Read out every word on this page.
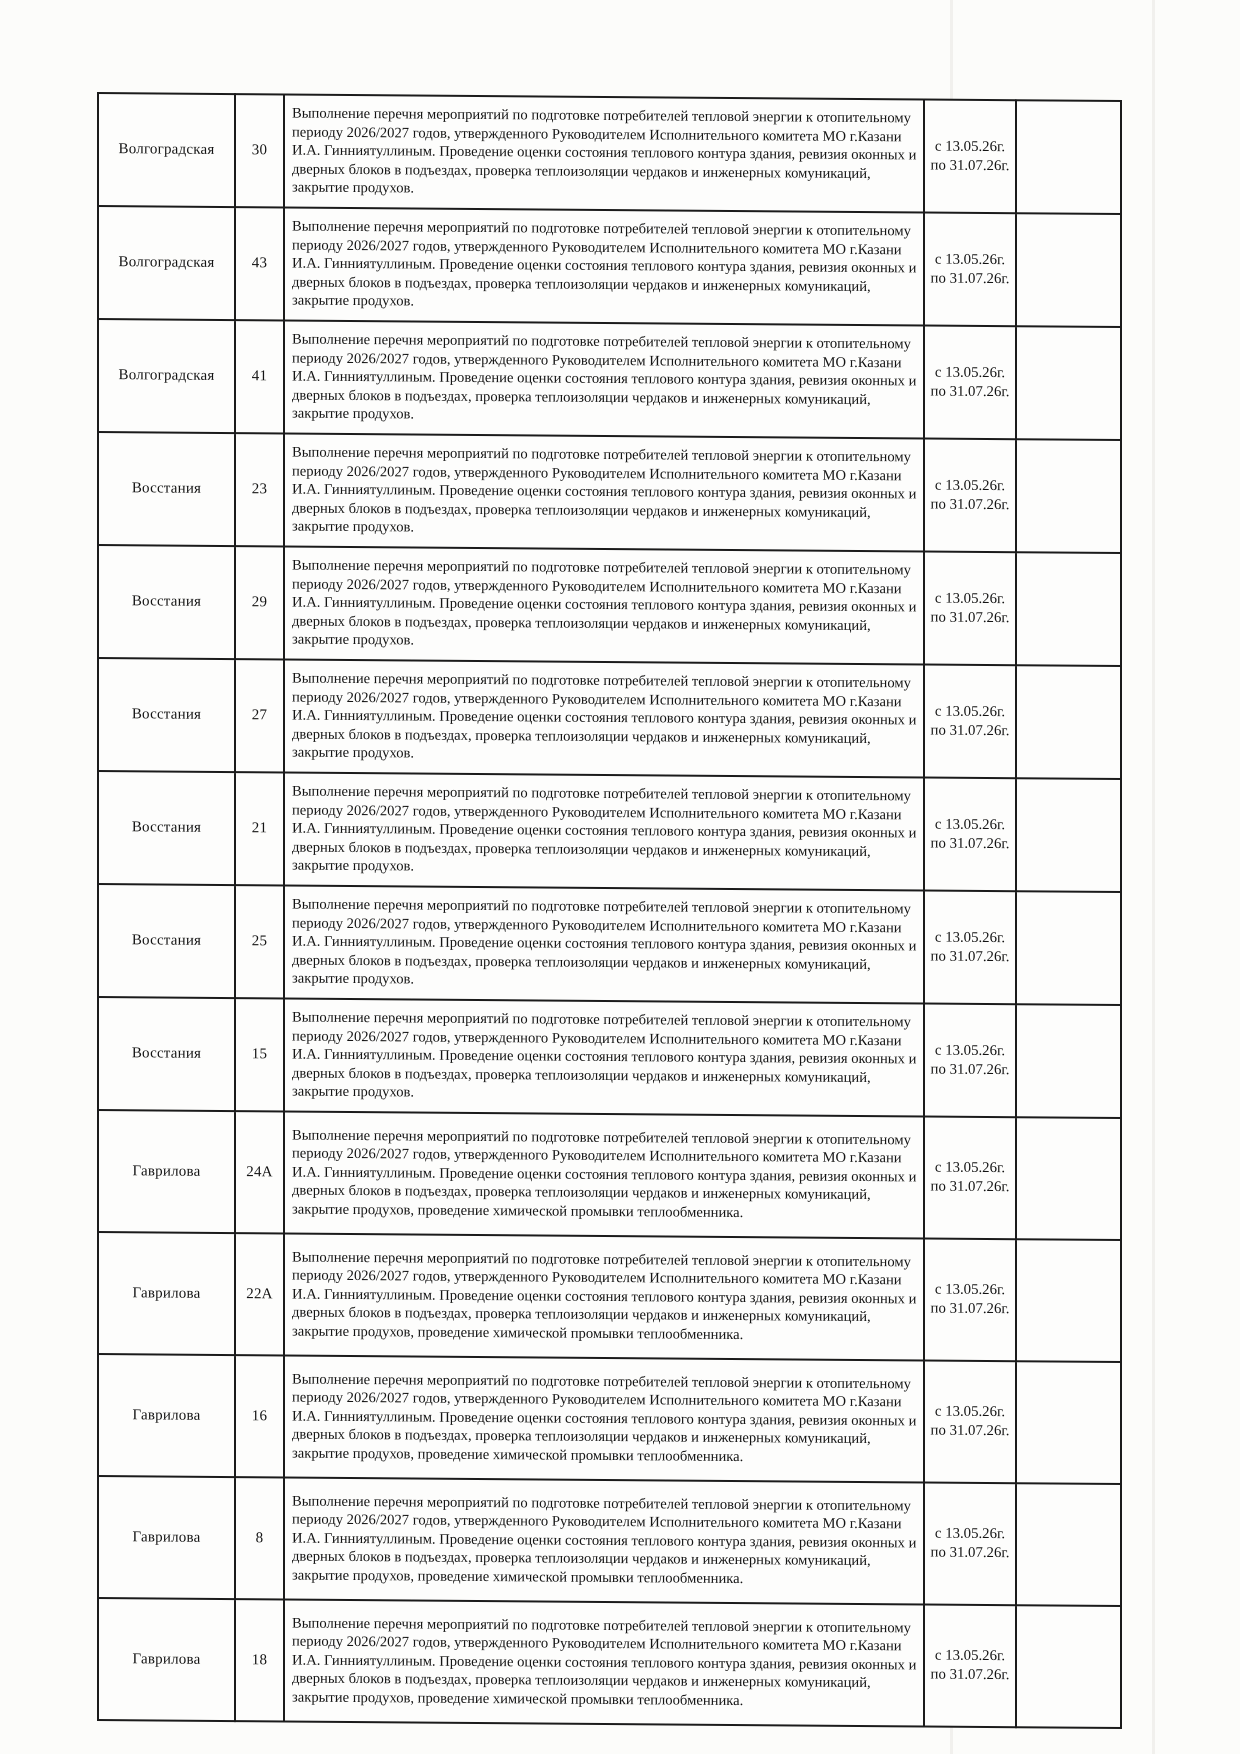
Волгоградская	30	Выполнение перечня мероприятий по подготовке потребителей тепловой энергии к отопительному периоду 2026/2027 годов, утвержденного Руководителем Исполнительного комитета МО г.Казани И.А. Гинниятуллиным. Проведение оценки состояния теплового контура здания, ревизия оконных и дверных блоков в подъездах, проверка теплоизоляции чердаков и инженерных комуникаций, закрытие продухов.	с 13.05.26г.
по 31.07.26г.	

Волгоградская	43	Выполнение перечня мероприятий по подготовке потребителей тепловой энергии к отопительному периоду 2026/2027 годов, утвержденного Руководителем Исполнительного комитета МО г.Казани И.А. Гинниятуллиным. Проведение оценки состояния теплового контура здания, ревизия оконных и дверных блоков в подъездах, проверка теплоизоляции чердаков и инженерных комуникаций, закрытие продухов.	с 13.05.26г.
по 31.07.26г.	

Волгоградская	41	Выполнение перечня мероприятий по подготовке потребителей тепловой энергии к отопительному периоду 2026/2027 годов, утвержденного Руководителем Исполнительного комитета МО г.Казани И.А. Гинниятуллиным. Проведение оценки состояния теплового контура здания, ревизия оконных и дверных блоков в подъездах, проверка теплоизоляции чердаков и инженерных комуникаций, закрытие продухов.	с 13.05.26г.
по 31.07.26г.	

Восстания	23	Выполнение перечня мероприятий по подготовке потребителей тепловой энергии к отопительному периоду 2026/2027 годов, утвержденного Руководителем Исполнительного комитета МО г.Казани И.А. Гинниятуллиным. Проведение оценки состояния теплового контура здания, ревизия оконных и дверных блоков в подъездах, проверка теплоизоляции чердаков и инженерных комуникаций, закрытие продухов.	с 13.05.26г.
по 31.07.26г.	

Восстания	29	Выполнение перечня мероприятий по подготовке потребителей тепловой энергии к отопительному периоду 2026/2027 годов, утвержденного Руководителем Исполнительного комитета МО г.Казани И.А. Гинниятуллиным. Проведение оценки состояния теплового контура здания, ревизия оконных и дверных блоков в подъездах, проверка теплоизоляции чердаков и инженерных комуникаций, закрытие продухов.	с 13.05.26г.
по 31.07.26г.	

Восстания	27	Выполнение перечня мероприятий по подготовке потребителей тепловой энергии к отопительному периоду 2026/2027 годов, утвержденного Руководителем Исполнительного комитета МО г.Казани И.А. Гинниятуллиным. Проведение оценки состояния теплового контура здания, ревизия оконных и дверных блоков в подъездах, проверка теплоизоляции чердаков и инженерных комуникаций, закрытие продухов.	с 13.05.26г.
по 31.07.26г.	

Восстания	21	Выполнение перечня мероприятий по подготовке потребителей тепловой энергии к отопительному периоду 2026/2027 годов, утвержденного Руководителем Исполнительного комитета МО г.Казани И.А. Гинниятуллиным. Проведение оценки состояния теплового контура здания, ревизия оконных и дверных блоков в подъездах, проверка теплоизоляции чердаков и инженерных комуникаций, закрытие продухов.	с 13.05.26г.
по 31.07.26г.	

Восстания	25	Выполнение перечня мероприятий по подготовке потребителей тепловой энергии к отопительному периоду 2026/2027 годов, утвержденного Руководителем Исполнительного комитета МО г.Казани И.А. Гинниятуллиным. Проведение оценки состояния теплового контура здания, ревизия оконных и дверных блоков в подъездах, проверка теплоизоляции чердаков и инженерных комуникаций, закрытие продухов.	с 13.05.26г.
по 31.07.26г.	

Восстания	15	Выполнение перечня мероприятий по подготовке потребителей тепловой энергии к отопительному периоду 2026/2027 годов, утвержденного Руководителем Исполнительного комитета МО г.Казани И.А. Гинниятуллиным. Проведение оценки состояния теплового контура здания, ревизия оконных и дверных блоков в подъездах, проверка теплоизоляции чердаков и инженерных комуникаций, закрытие продухов.	с 13.05.26г.
по 31.07.26г.	

Гаврилова	24А	Выполнение перечня мероприятий по подготовке потребителей тепловой энергии к отопительному периоду 2026/2027 годов, утвержденного Руководителем Исполнительного комитета МО г.Казани И.А. Гинниятуллиным. Проведение оценки состояния теплового контура здания, ревизия оконных и дверных блоков в подъездах, проверка теплоизоляции чердаков и инженерных комуникаций, закрытие продухов, проведение химической промывки теплообменника.	с 13.05.26г.
по 31.07.26г.	

Гаврилова	22А	Выполнение перечня мероприятий по подготовке потребителей тепловой энергии к отопительному периоду 2026/2027 годов, утвержденного Руководителем Исполнительного комитета МО г.Казани И.А. Гинниятуллиным. Проведение оценки состояния теплового контура здания, ревизия оконных и дверных блоков в подъездах, проверка теплоизоляции чердаков и инженерных комуникаций, закрытие продухов, проведение химической промывки теплообменника.	с 13.05.26г.
по 31.07.26г.	

Гаврилова	16	Выполнение перечня мероприятий по подготовке потребителей тепловой энергии к отопительному периоду 2026/2027 годов, утвержденного Руководителем Исполнительного комитета МО г.Казани И.А. Гинниятуллиным. Проведение оценки состояния теплового контура здания, ревизия оконных и дверных блоков в подъездах, проверка теплоизоляции чердаков и инженерных комуникаций, закрытие продухов, проведение химической промывки теплообменника.	с 13.05.26г.
по 31.07.26г.	

Гаврилова	8	Выполнение перечня мероприятий по подготовке потребителей тепловой энергии к отопительному периоду 2026/2027 годов, утвержденного Руководителем Исполнительного комитета МО г.Казани И.А. Гинниятуллиным. Проведение оценки состояния теплового контура здания, ревизия оконных и дверных блоков в подъездах, проверка теплоизоляции чердаков и инженерных комуникаций, закрытие продухов, проведение химической промывки теплообменника.	с 13.05.26г.
по 31.07.26г.	

Гаврилова	18	Выполнение перечня мероприятий по подготовке потребителей тепловой энергии к отопительному периоду 2026/2027 годов, утвержденного Руководителем Исполнительного комитета МО г.Казани И.А. Гинниятуллиным. Проведение оценки состояния теплового контура здания, ревизия оконных и дверных блоков в подъездах, проверка теплоизоляции чердаков и инженерных комуникаций, закрытие продухов, проведение химической промывки теплообменника.	с 13.05.26г.
по 31.07.26г.	
